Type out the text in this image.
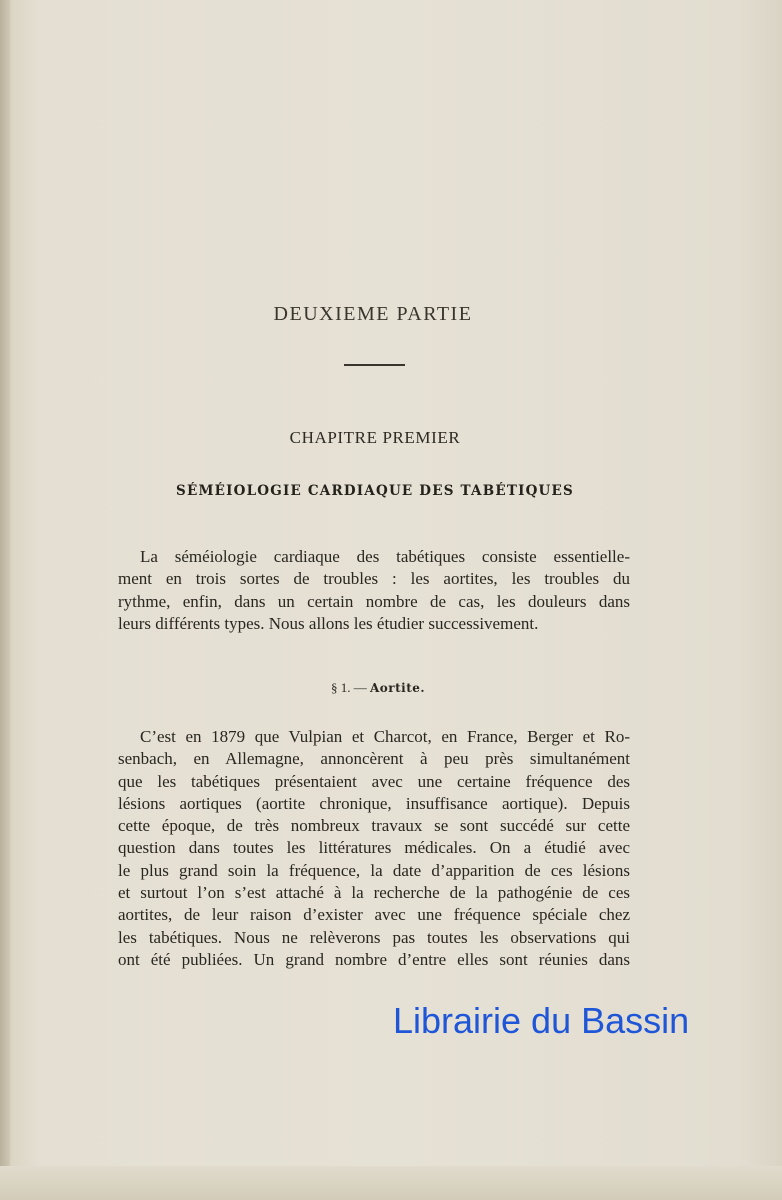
DEUXIEME PARTIE
CHAPITRE PREMIER
SÉMÉIOLOGIE CARDIAQUE DES TABÉTIQUES
La séméiologie cardiaque des tabétiques consiste essentielle-
ment en trois sortes de troubles : les aortites, les troubles du
rythme, enfin, dans un certain nombre de cas, les douleurs dans
leurs différents types. Nous allons les étudier successivement.
§ 1. — Aortite.
C’est en 1879 que Vulpian et Charcot, en France, Berger et Ro-
senbach, en Allemagne, annoncèrent à peu près simultanément
que les tabétiques présentaient avec une certaine fréquence des
lésions aortiques (aortite chronique, insuffisance aortique). Depuis
cette époque, de très nombreux travaux se sont succédé sur cette
question dans toutes les littératures médicales. On a étudié avec
le plus grand soin la fréquence, la date d’apparition de ces lésions
et surtout l’on s’est attaché à la recherche de la pathogénie de ces
aortites, de leur raison d’exister avec une fréquence spéciale chez
les tabétiques. Nous ne relèverons pas toutes les observations qui
ont été publiées. Un grand nombre d’entre elles sont réunies dans
Librairie du Bassin
